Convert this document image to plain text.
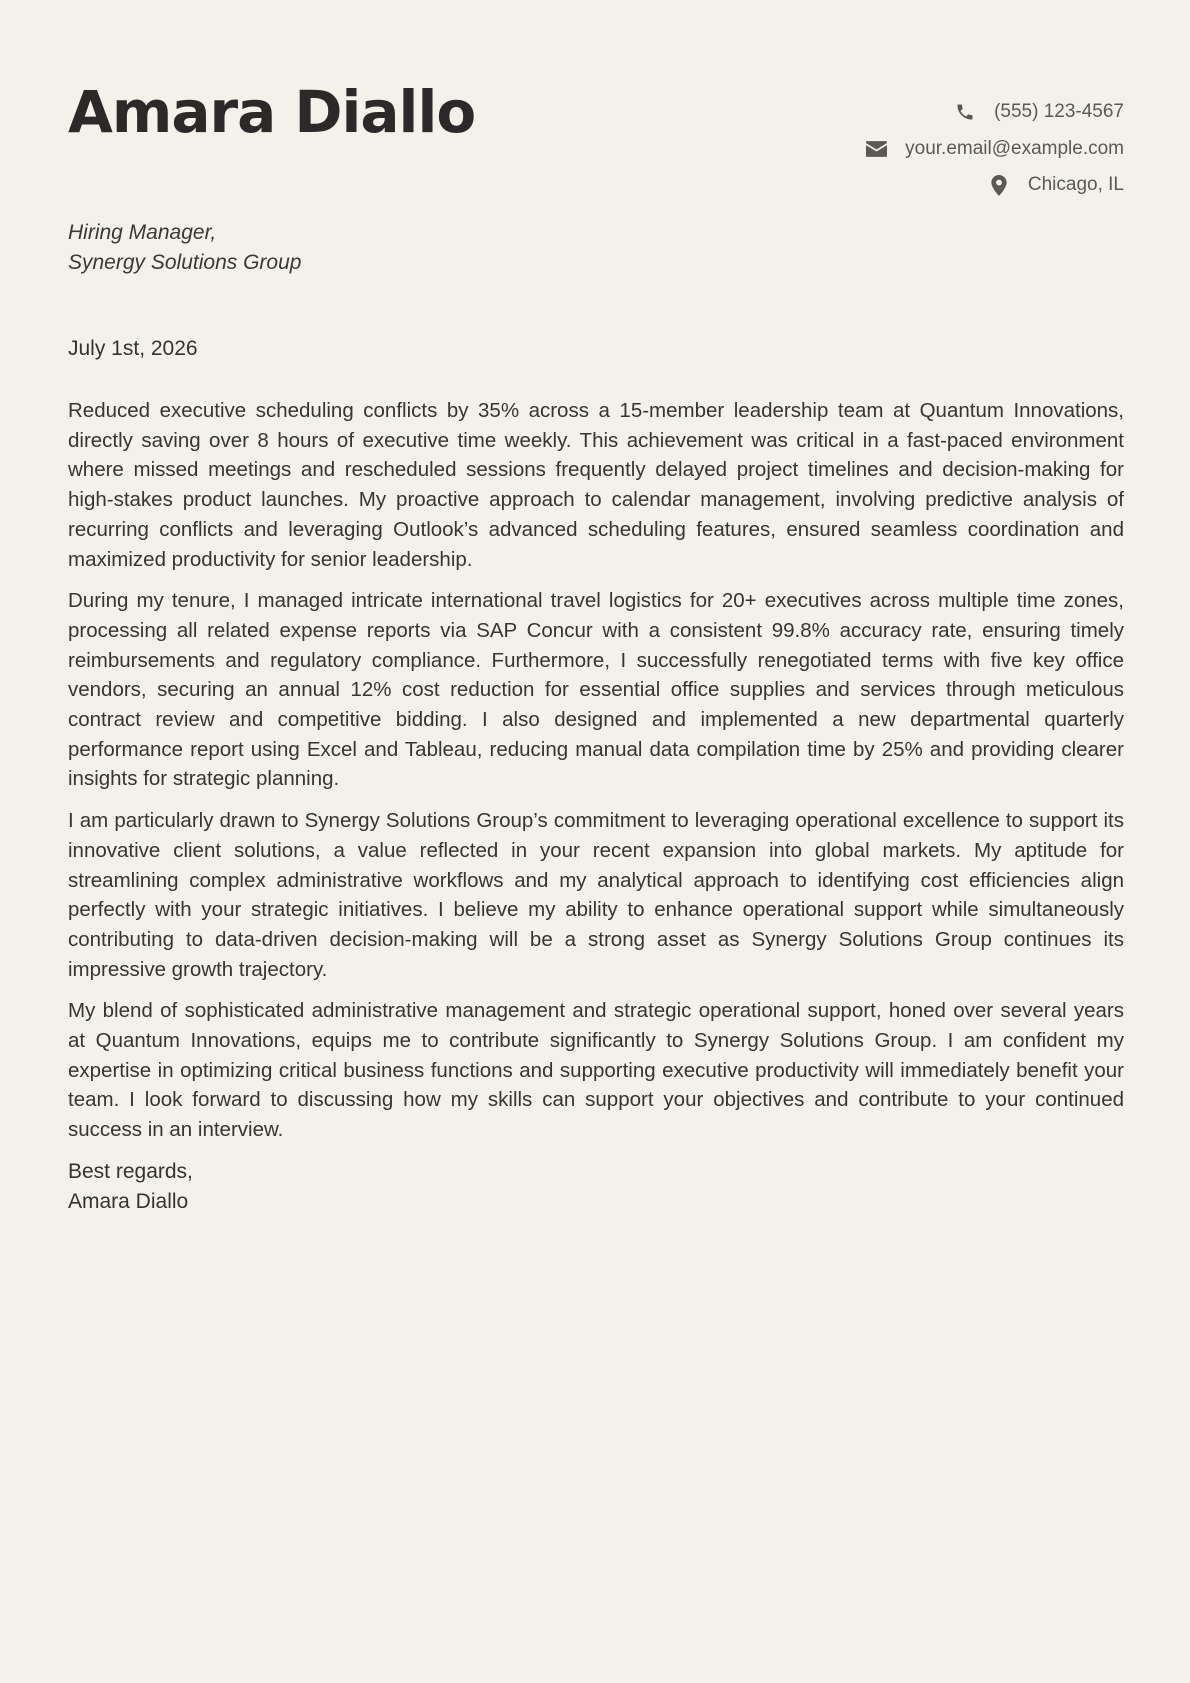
Amara Diallo	(555) 123-4567
your.email@example.com
Chicago, IL
Hiring Manager,
Synergy Solutions Group
July 1st, 2026

Reduced executive scheduling conflicts by 35% across a 15-member leadership team at Quantum Innovations, directly saving over 8 hours of executive time weekly. This achievement was critical in a fast-paced environment where missed meetings and rescheduled sessions frequently delayed project timelines and decision-making for high-stakes product launches. My proactive approach to calendar management, involving predictive analysis of recurring conflicts and leveraging Outlook’s advanced scheduling features, ensured seamless coordination and maximized productivity for senior leadership.

During my tenure, I managed intricate international travel logistics for 20+ executives across multiple time zones, processing all related expense reports via SAP Concur with a consistent 99.8% accuracy rate, ensuring timely reimbursements and regulatory compliance. Furthermore, I successfully renegotiated terms with five key office vendors, securing an annual 12% cost reduction for essential office supplies and services through meticulous contract review and competitive bidding. I also designed and implemented a new departmental quarterly performance report using Excel and Tableau, reducing manual data compilation time by 25% and providing clearer insights for strategic planning.

I am particularly drawn to Synergy Solutions Group’s commitment to leveraging operational excellence to support its innovative client solutions, a value reflected in your recent expansion into global markets. My aptitude for streamlining complex administrative workflows and my analytical approach to identifying cost efficiencies align perfectly with your strategic initiatives. I believe my ability to enhance operational support while simultaneously contributing to data-driven decision-making will be a strong asset as Synergy Solutions Group continues its impressive growth trajectory.

My blend of sophisticated administrative management and strategic operational support, honed over several years at Quantum Innovations, equips me to contribute significantly to Synergy Solutions Group. I am confident my expertise in optimizing critical business functions and supporting executive productivity will immediately benefit your team. I look forward to discussing how my skills can support your objectives and contribute to your continued success in an interview.

Best regards,
Amara Diallo
